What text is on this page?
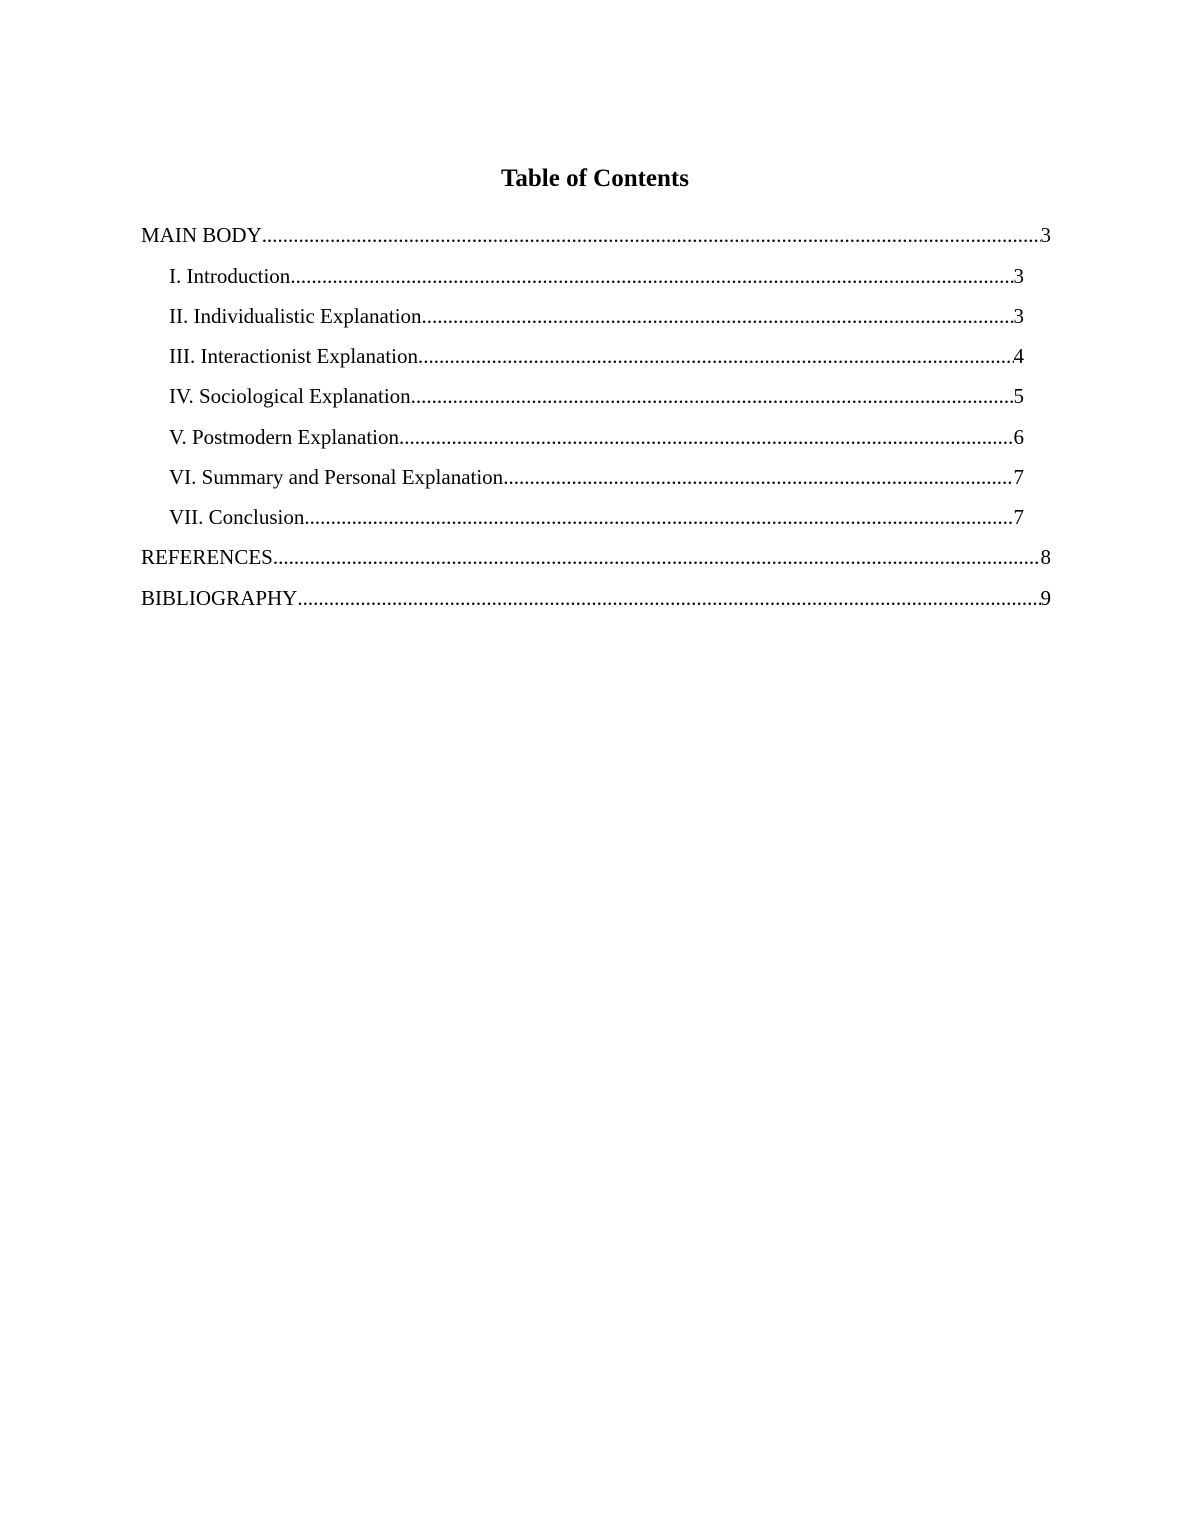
Table of Contents
MAIN BODY .....	3
I. Introduction .....	3
II. Individualistic Explanation .....	3
III. Interactionist Explanation .....	4
IV. Sociological Explanation .....	5
V. Postmodern Explanation .....	6
VI. Summary and Personal Explanation .....	7
VII. Conclusion .....	7
REFERENCES .....	8
BIBLIOGRAPHY .....	9
